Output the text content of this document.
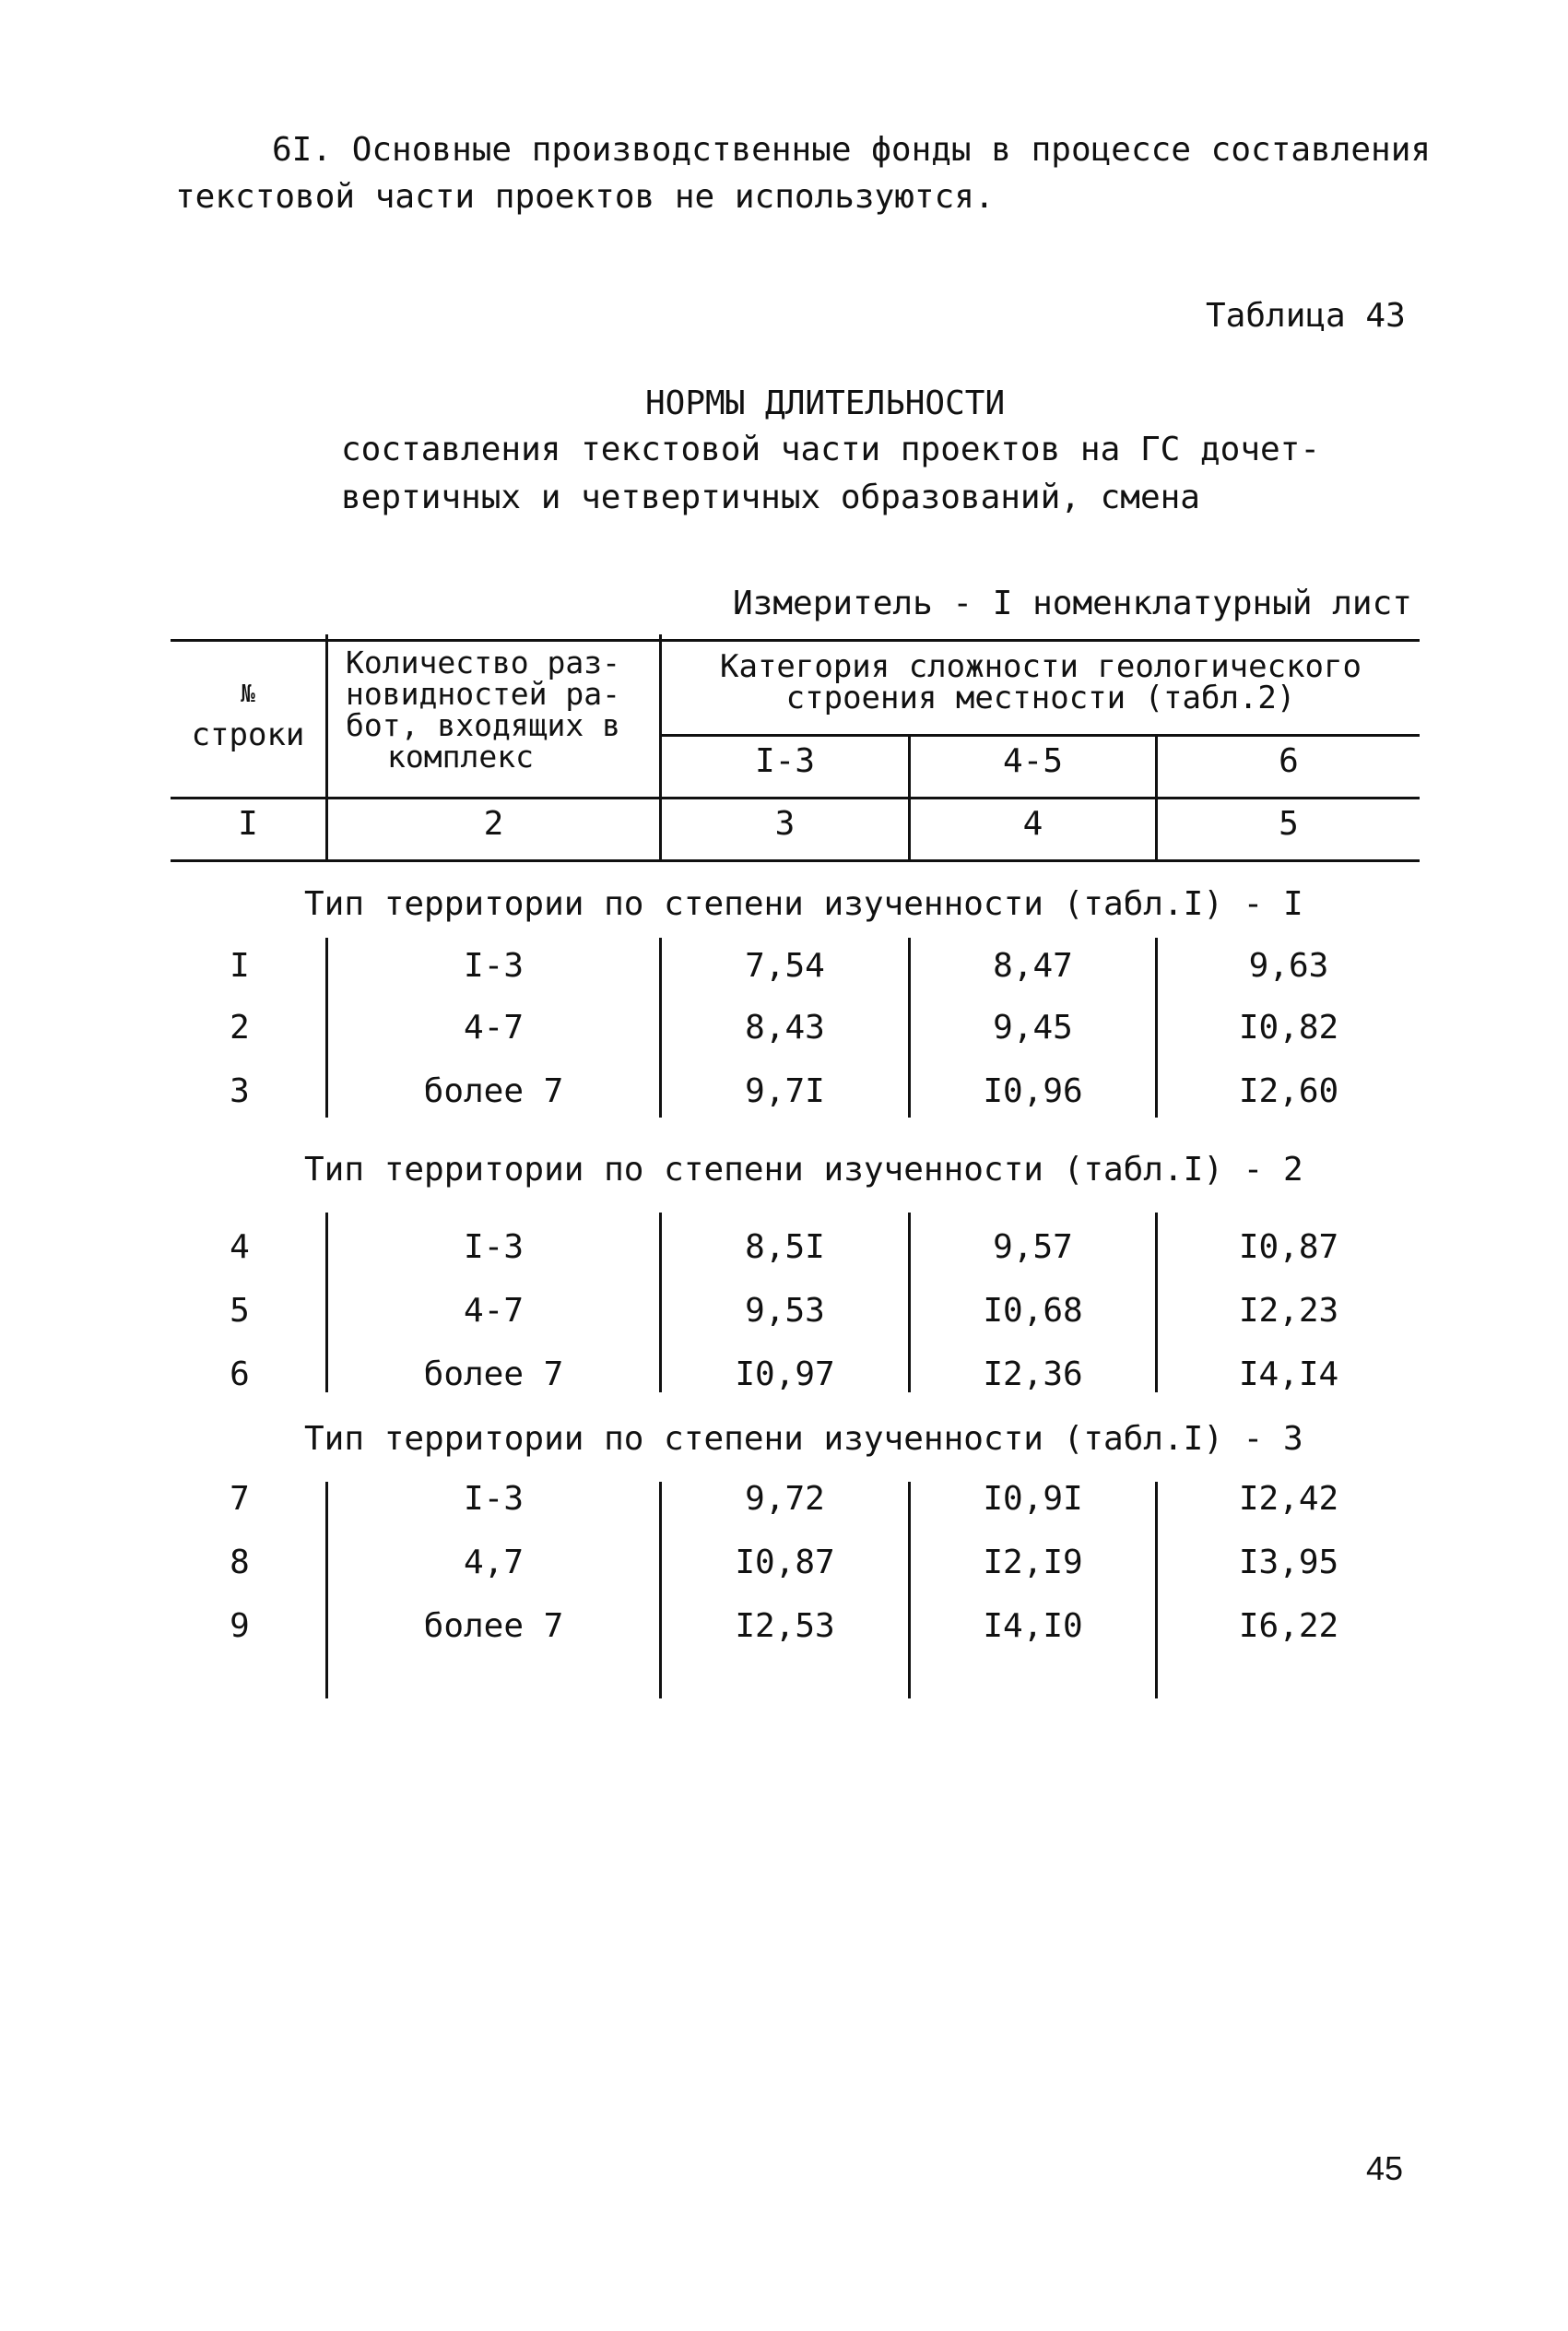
6I. Основные производственные фонды в процессе составления
текстовой части проектов не используются.
Таблица 43
НОРМЫ ДЛИТЕЛЬНОСТИ
составления текстовой части проектов на ГС дочет-
вертичных и четвертичных образований, смена
Измеритель - I номенклатурный лист
№
строки
Количество раз-
новидностей ра-
бот, входящих в
комплекс
Категория сложности геологического
строения местности (табл.2)
I-3	4-5	6
I	2	3	4	5
Тип территории по степени изученности (табл.I) - I
I	I-3	7,54	8,47	9,63
2	4-7	8,43	9,45	I0,82
3	более 7	9,7I	I0,96	I2,60
Тип территории по степени изученности (табл.I) - 2
4	I-3	8,5I	9,57	I0,87
5	4-7	9,53	I0,68	I2,23
6	более 7	I0,97	I2,36	I4,I4
Тип территории по степени изученности (табл.I) - 3
7	I-3	9,72	I0,9I	I2,42
8	4,7	I0,87	I2,I9	I3,95
9	более 7	I2,53	I4,I0	I6,22
45
